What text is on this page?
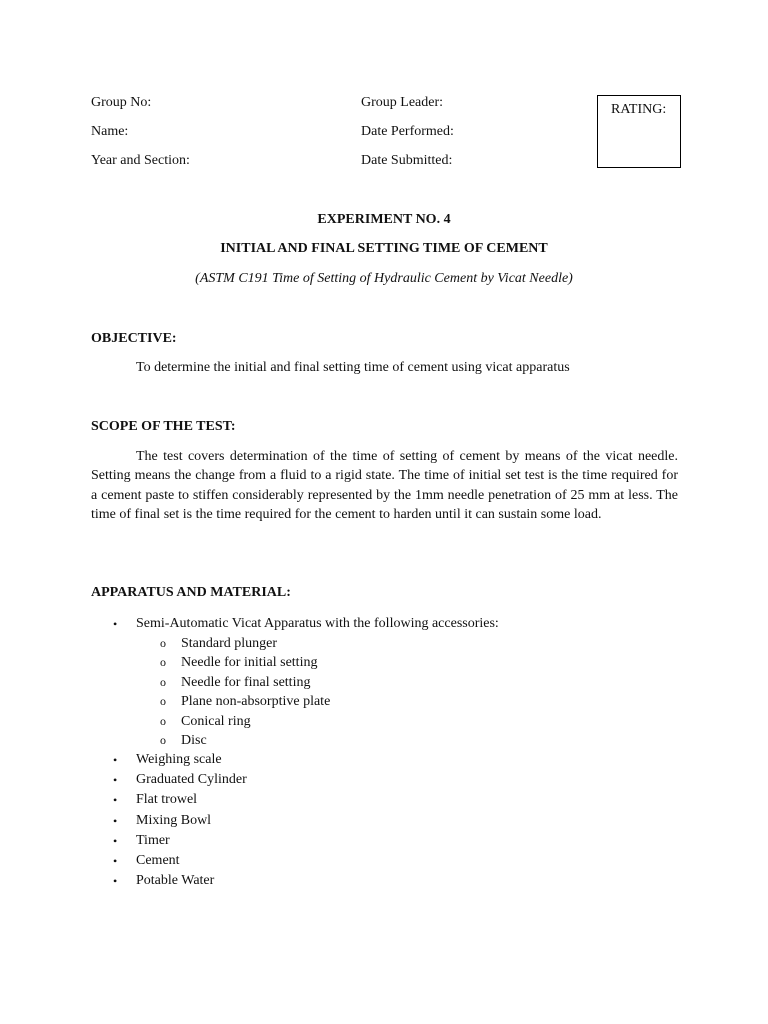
Group No:
Name:
Year and Section:
Group Leader:
Date Performed:
Date Submitted:
RATING:
EXPERIMENT NO. 4
INITIAL AND FINAL SETTING TIME OF CEMENT
(ASTM C191 Time of Setting of Hydraulic Cement by Vicat Needle)
OBJECTIVE:
To determine the initial and final setting time of cement using vicat apparatus
SCOPE OF THE TEST:
The test covers determination of the time of setting of cement by means of the vicat needle. Setting means the change from a fluid to a rigid state. The time of initial set test is the time required for a cement paste to stiffen considerably represented by the 1mm needle penetration of 25 mm at less. The time of final set is the time required for the cement to harden until it can sustain some load.
APPARATUS AND MATERIAL:
• Semi-Automatic Vicat Apparatus with the following accessories:
o Standard plunger
o Needle for initial setting
o Needle for final setting
o Plane non-absorptive plate
o Conical ring
o Disc
• Weighing scale
• Graduated Cylinder
• Flat trowel
• Mixing Bowl
• Timer
• Cement
• Potable Water
